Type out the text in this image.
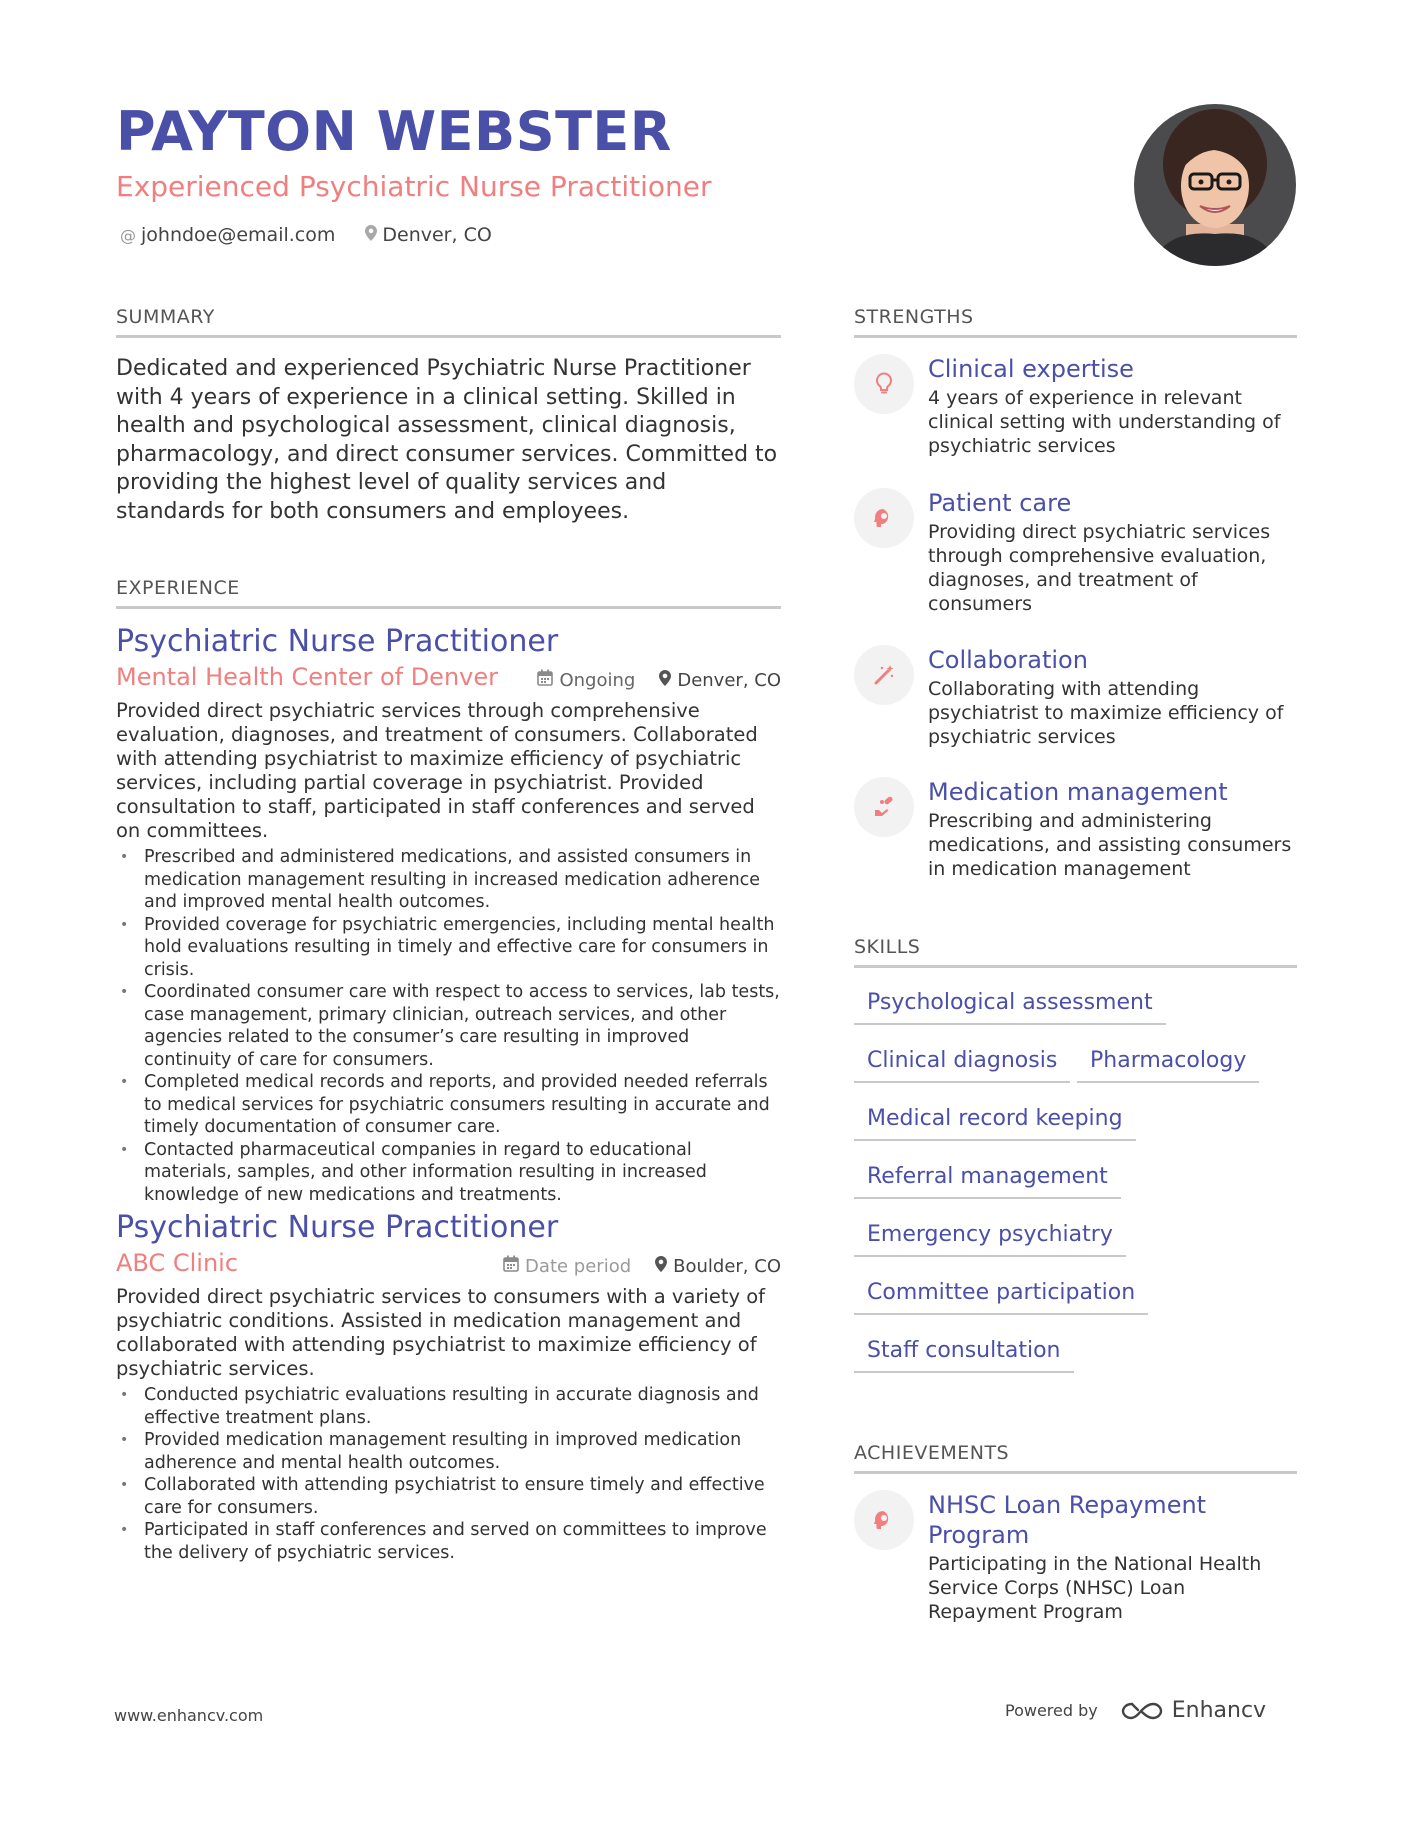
PAYTON WEBSTER
Experienced Psychiatric Nurse Practitioner
@ johndoe@email.com Denver, CO
SUMMARY
Dedicated and experienced Psychiatric Nurse Practitioner with 4 years of experience in a clinical setting. Skilled in health and psychological assessment, clinical diagnosis, pharmacology, and direct consumer services. Committed to providing the highest level of quality services and standards for both consumers and employees.
EXPERIENCE
Psychiatric Nurse Practitioner
Mental Health Center of Denver	Ongoing Denver, CO
Provided direct psychiatric services through comprehensive evaluation, diagnoses, and treatment of consumers. Collaborated with attending psychiatrist to maximize efficiency of psychiatric services, including partial coverage in psychiatrist. Provided consultation to staff, participated in staff conferences and served on committees.
• Prescribed and administered medications, and assisted consumers in medication management resulting in increased medication adherence and improved mental health outcomes.
• Provided coverage for psychiatric emergencies, including mental health hold evaluations resulting in timely and effective care for consumers in crisis.
• Coordinated consumer care with respect to access to services, lab tests, case management, primary clinician, outreach services, and other agencies related to the consumer’s care resulting in improved continuity of care for consumers.
• Completed medical records and reports, and provided needed referrals to medical services for psychiatric consumers resulting in accurate and timely documentation of consumer care.
• Contacted pharmaceutical companies in regard to educational materials, samples, and other information resulting in increased knowledge of new medications and treatments.
Psychiatric Nurse Practitioner
ABC Clinic	Date period Boulder, CO
Provided direct psychiatric services to consumers with a variety of psychiatric conditions. Assisted in medication management and collaborated with attending psychiatrist to maximize efficiency of psychiatric services.
• Conducted psychiatric evaluations resulting in accurate diagnosis and effective treatment plans.
• Provided medication management resulting in improved medication adherence and mental health outcomes.
• Collaborated with attending psychiatrist to ensure timely and effective care for consumers.
• Participated in staff conferences and served on committees to improve the delivery of psychiatric services.
STRENGTHS
Clinical expertise
4 years of experience in relevant clinical setting with understanding of psychiatric services
Patient care
Providing direct psychiatric services through comprehensive evaluation, diagnoses, and treatment of consumers
Collaboration
Collaborating with attending psychiatrist to maximize efficiency of psychiatric services
Medication management
Prescribing and administering medications, and assisting consumers in medication management
SKILLS
Psychological assessment
Clinical diagnosis	Pharmacology
Medical record keeping
Referral management
Emergency psychiatry
Committee participation
Staff consultation
ACHIEVEMENTS
NHSC Loan Repayment Program
Participating in the National Health Service Corps (NHSC) Loan Repayment Program
www.enhancv.com	Powered by	Enhancv
